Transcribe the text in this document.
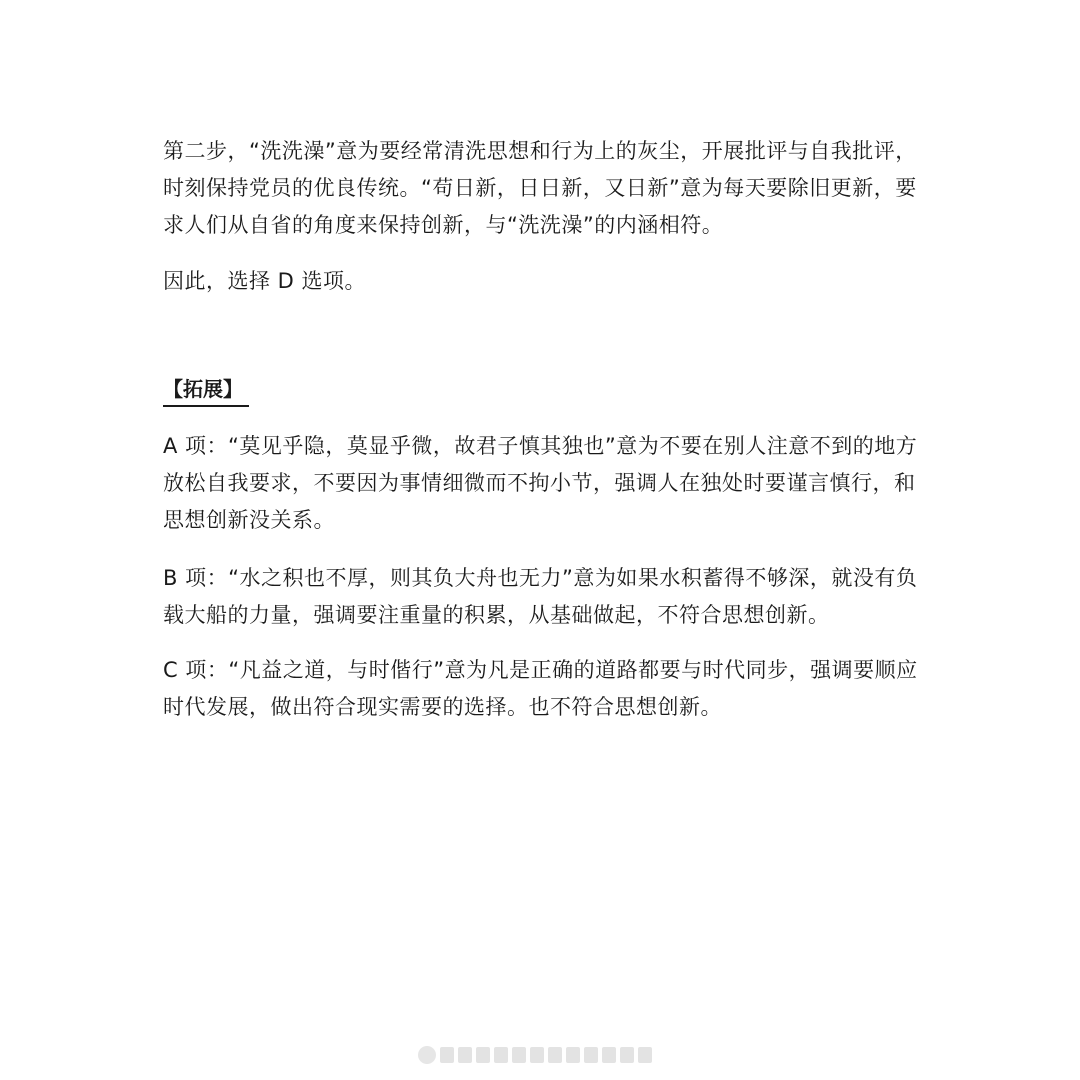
第二步，“洗洗澡”意为要经常清洗思想和行为上的灰尘，开展批评与自我批评，时刻保持党员的优良传统。“苟日新，日日新，又日新”意为每天要除旧更新，要求人们从自省的角度来保持创新，与“洗洗澡”的内涵相符。

因此，选择 D 选项。

【拓展】

A 项：“莫见乎隐，莫显乎微，故君子慎其独也”意为不要在别人注意不到的地方放松自我要求，不要因为事情细微而不拘小节，强调人在独处时要谨言慎行，和思想创新没关系。

B 项：“水之积也不厚，则其负大舟也无力”意为如果水积蓄得不够深，就没有负载大船的力量，强调要注重量的积累，从基础做起，不符合思想创新。

C 项：“凡益之道，与时偕行”意为凡是正确的道路都要与时代同步，强调要顺应时代发展，做出符合现实需要的选择。也不符合思想创新。
